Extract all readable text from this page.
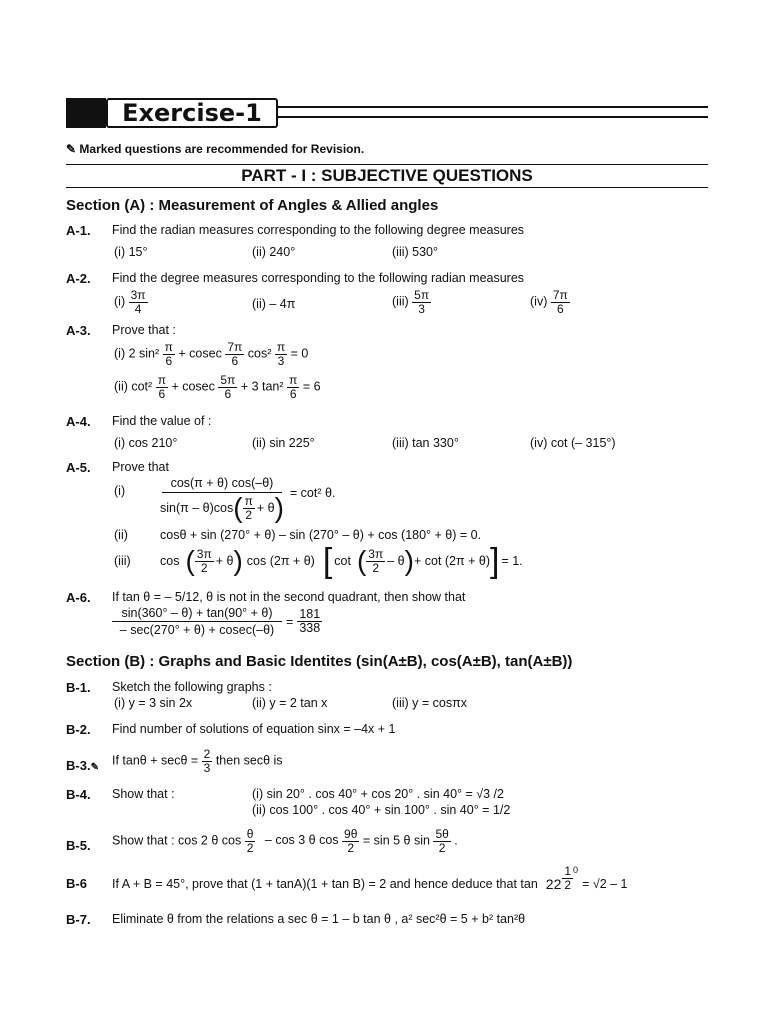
Exercise-1
✎ Marked questions are recommended for Revision.
PART - I : SUBJECTIVE QUESTIONS
Section (A) : Measurement of Angles & Allied angles
A-1. Find the radian measures corresponding to the following degree measures
(i) 15°	(ii) 240°	(iii) 530°
A-2. Find the degree measures corresponding to the following radian measures
$(i) \frac{3\pi}{4}$	(ii) – 4π	$(iii) \frac{5\pi}{3}$	$(iv) \frac{7\pi}{6}$
A-3. Prove that :
(i) 2 $\sin^2 \frac{\pi}{6} + cosec \frac{7\pi}{6} \cos^2 \frac{\pi}{3} = 0$
(ii) $\cot^2 \frac{\pi}{6} + cosec \frac{5\pi}{6} + 3$ $\tan^2 \frac{\pi}{6} = 6$
A-4. Find the value of :
(i) cos 210°	(ii) sin 225°	(iii) tan 330°	(iv) cot (– 315°)
A-5. Prove that
(i)
cos(π + θ) cos(–θ)
sin(π – θ)cos ( π
2 + θ ) = cot² θ.
(ii)	cosθ + sin (270° + θ) – sin (270° – θ) + cos (180° + θ) = 0.
(iii) cos ( 3π
2 + θ ) cos (2π + θ) [ cot ( 3π
2 – θ ) + cot (2π + θ) ] = 1.
A-6. If tan θ = – 5/12, θ is not in the second quadrant, then show that
sin(360° – θ) + tan(90° + θ)
– sec(270° + θ) + cosec(–θ)
= $\frac{181}{338}$
Section (B) : Graphs and Basic Identites (sin(A±B), cos(A±B), tan(A±B))
B-1. Sketch the following graphs :
(i) y = 3 sin 2x	(ii) y = 2 tan x	(iii) y = cosπx
B-2. Find number of solutions of equation sinx = –4x + 1
B-3.✎
If $\tan\theta + \sec\theta = \frac{2}{3}$ then secθ is
B-4. Show that :	(i) sin 20° . cos 40° + cos 20° . sin 40° = √3 /2
(ii) cos 100° . cos 40° + sin 100° . sin 40° = 1/2
B-5. Show that : cos 2 θ $\cos \frac{\theta}{2}$ – cos 3 θ $\cos \frac{9\theta}{2} = \sin 5$ θ $\sin \frac{5\theta}{2}$ .
B-6 If A + B = 45°, prove that (1 + tanA)(1 + tan B) = 2 and hence deduce that tan 22
1
2
0
= √2 – 1
B-7. Eliminate θ from the relations a sec θ = 1 – b tan θ , a² sec²θ = 5 + b² tan²θ
